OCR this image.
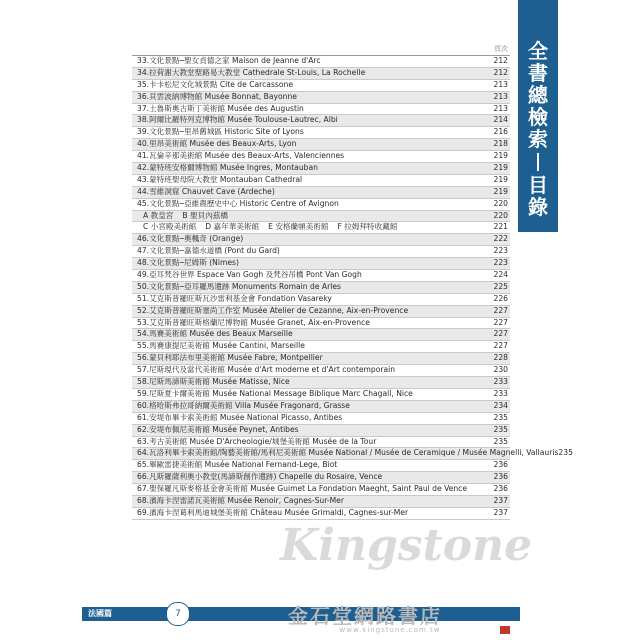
頁次
33.文化景點─聖女貞德之家 Maison de Jeanne d'Arc	212
34.拉荷謝大教堂聖路易大教堂 Cathedrale St-Louis, La Rochelle	212
35.卡卡松尼文化城景點 Cite de Carcassone	213
36.貝雲波納博物館 Musée Bonnat, Bayonne	213
37.土魯斯奧古斯丁美術館 Musée des Augustin	213
38.阿爾比羅特列克博物館 Musée Toulouse-Lautrec, Albi	214
39.文化景點─里昂舊城區 Historic Site of Lyons	216
40.里昂美術館 Musée des Beaux-Arts, Lyon	218
41.瓦倫辛那美術館 Musée des Beaux-Arts, Valenciennes	219
42.蒙特班安格爾博物館 Musée Ingres, Montauban	219
43.蒙特班聖母院大教堂 Montauban Cathedral	219
44.雪維洞窟 Chauvet Cave (Ardeche)	219
45.文化景點─亞維農歷史中心 Historic Centre of Avignon	220
A 教皇宮 B 聖貝內茲橋	220
C 小宮殿美術館 D 嘉年華美術館 E 安格蘭頓美術館 F 拉姆拜特收藏館	221
46.文化景點─奧楓奇 (Orange)	222
47.文化景點─嘉德水道橋 (Pont du Gard)	223
48.文化景點─尼姆斯 (Nimes)	223
49.亞耳梵谷世界 Espace Van Gogh 及梵谷吊橋 Pont Van Gogh	224
50.文化景點─亞耳羅馬遺跡 Monuments Romain de Arles	225
51.艾克斯普羅旺斯瓦沙雷利基金會 Fondation Vasareky	226
52.艾克斯普羅旺斯塞尚工作室 Musée Atelier de Cezanne, Aix-en-Provence	227
53.艾克斯普羅旺斯格蘭尼博物館 Musée Granet, Aix-en-Provence	227
54.馬賽美術館 Musée des Beaux Marseille	227
55.馬賽康提尼美術館 Musée Cantini, Marseille	227
56.蒙貝利耶法布里美術館 Musée Fabre, Montpellier	228
57.尼斯現代及當代美術館 Musée d'Art moderne et d'Art contemporain	230
58.尼斯馬諦斯美術館 Musée Matisse, Nice	233
59.尼斯夏卡爾美術館 Musée National Message Biblique Marc Chagall, Nice	233
60.格哈斯弗拉哥納爾美術館 Villa Musée Fragonard, Grasse	234
61.安堤布畢卡索美術館 Musée National Picasso, Antibes	235
62.安堤布佩尼美術館 Musée Peynet, Antibes	235
63.考古美術館 Musée D'Archeologie/城堡美術館 Musée de la Tour	235
64.瓦洛利畢卡索美術館/陶藝美術館/馬利尼美術館 Musée National / Musée de Ceramique / Musée Magnelli, Vallauris 235
65.畢歐雷捷美術館 Musée National Fernand-Lege, Biot	236
66.凡斯羅薩利奧小教堂(馬諦斯創作遺跡) Chapelle du Rosaire, Vence	236
67.聖保羅凡斯麥格基金會美術館 Musée Guimet La Fondation Maeght, Saint Paul de Vence	236
68.濱海卡涅雷諾瓦美術館 Musée Renoir, Cagnes-Sur-Mer	237
69.濱海卡涅葛利馬迪城堡美術館 Château Musée Grimaldi, Cagnes-sur-Mer	237
全
書
總
檢
索
目
錄
Kingstone
法國篇	7	金石堂網路書店
www.kingstone.com.tw
